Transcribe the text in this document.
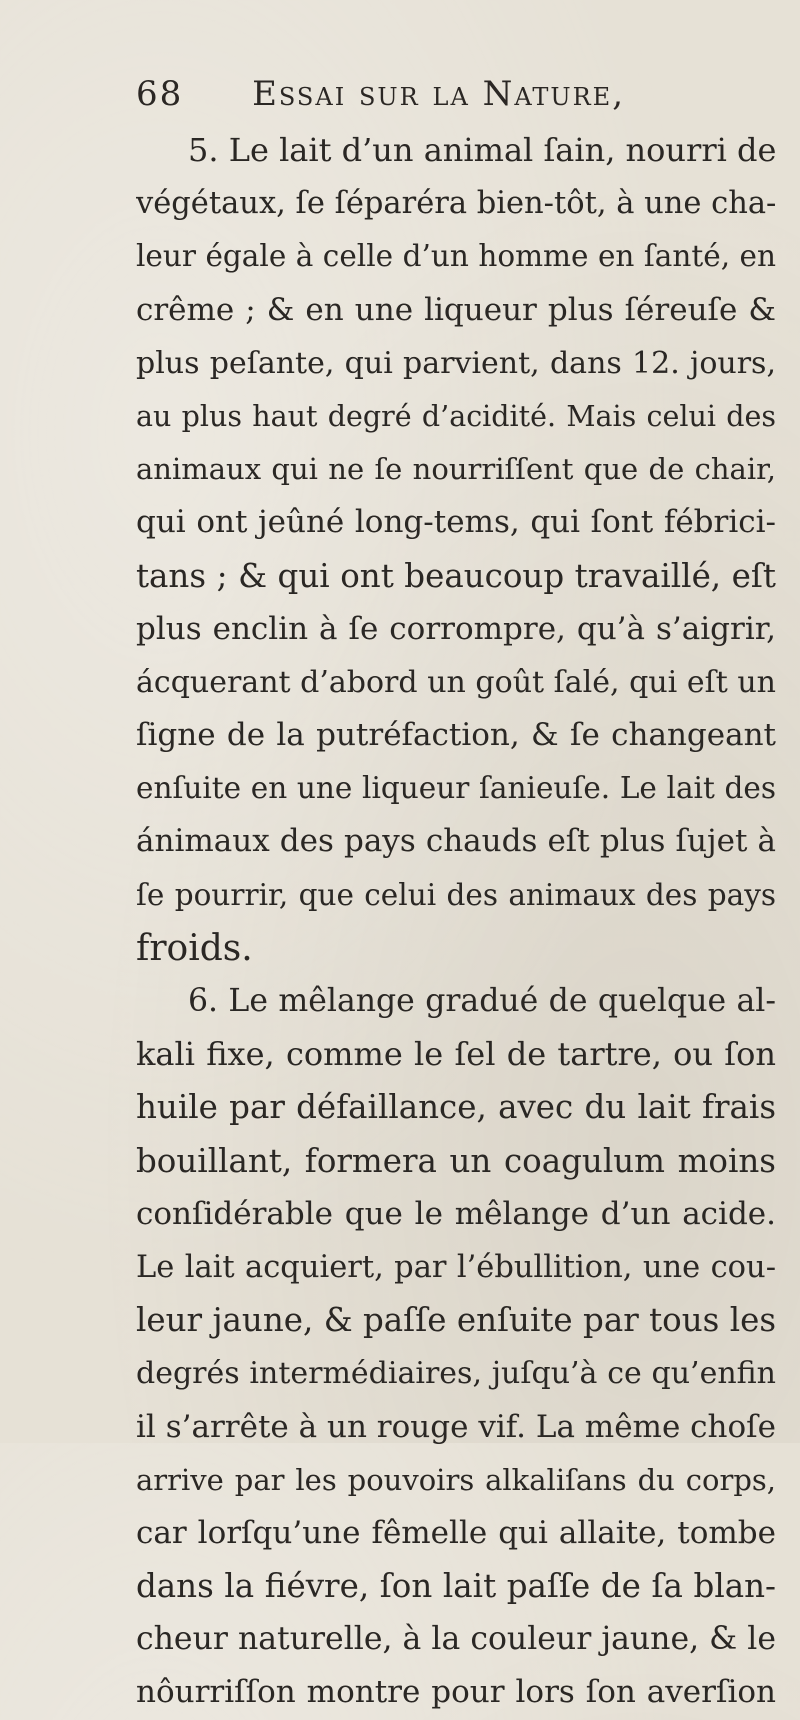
68 Essai sur la Nature,
5. Le lait d’un animal ſain, nourri de
végétaux, ſe ſéparéra bien-tôt, à une cha-
leur égale à celle d’un homme en ſanté, en
crême ; & en une liqueur plus ſéreuſe &
plus peſante, qui parvient, dans 12. jours,
au plus haut degré d’acidité. Mais celui des
animaux qui ne ſe nourriſſent que de chair,
qui ont jeûné long-tems, qui ſont fébrici-
tans ; & qui ont beaucoup travaillé, eſt
plus enclin à ſe corrompre, qu’à s’aigrir,
ácquerant d’abord un goût ſalé, qui eſt un
ſigne de la putréfaction, & ſe changeant
enſuite en une liqueur ſanieuſe. Le lait des
ánimaux des pays chauds eſt plus ſujet à
ſe pourrir, que celui des animaux des pays
froids.
6. Le mêlange gradué de quelque al-
kali fixe, comme le ſel de tartre, ou ſon
huile par défaillance, avec du lait frais
bouillant, formera un coagulum moins
conſidérable que le mêlange d’un acide.
Le lait acquiert, par l’ébullition, une cou-
leur jaune, & paſſe enſuite par tous les
degrés intermédiaires, juſqu’à ce qu’enfin
il s’arrête à un rouge vif. La même choſe
arrive par les pouvoirs alkaliſans du corps,
car lorſqu’une fêmelle qui allaite, tombe
dans la fiévre, ſon lait paſſe de ſa blan-
cheur naturelle, à la couleur jaune, & le
nôurriſſon montre pour lors ſon averſion
